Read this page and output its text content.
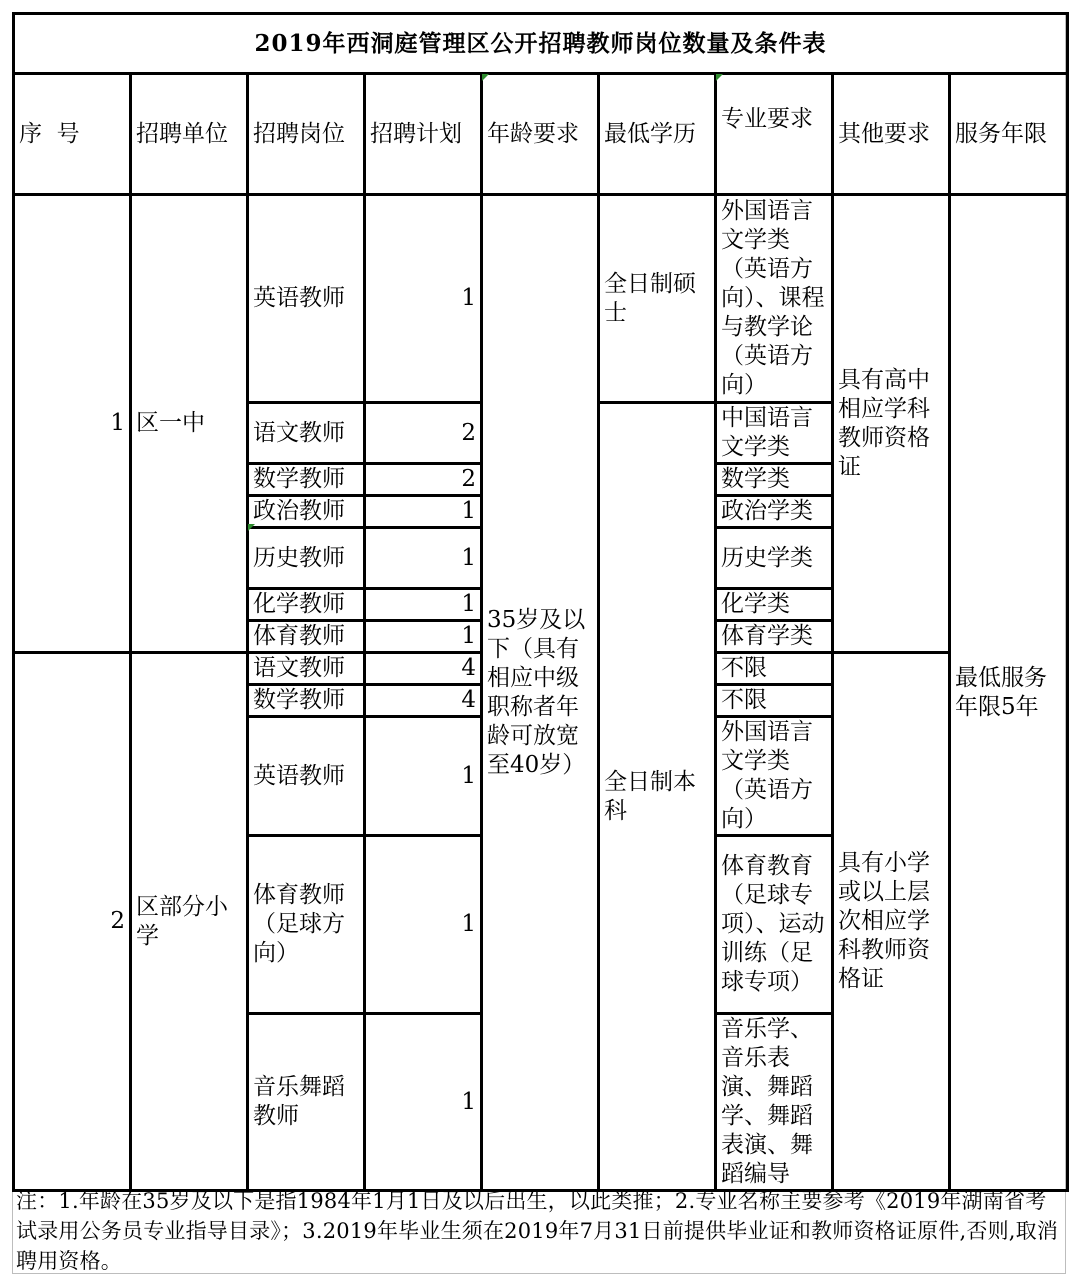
2019年西洞庭管理区公开招聘教师岗位数量及条件表								
序  号	招聘单位	招聘岗位	招聘计划	年龄要求	最低学历	专业要求	其他要求	服务年限
1	区一中	英语教师	1	35岁及以下（具有相应中级职称者年龄可放宽至40岁）	全日制硕士	外国语言文学类（英语方向）、课程与教学论（英语方向）	具有高中相应学科教师资格证	最低服务年限5年
		语文教师	2		全日制本科	中国语言文学类		
		数学教师	2			数学类		
		政治教师	1			政治学类		
		历史教师	1			历史学类		
		化学教师	1			化学类		
		体育教师	1			体育学类		
2	区部分小学	语文教师	4			不限	具有小学或以上层次相应学科教师资格证	
		数学教师	4			不限		
		英语教师	1			外国语言文学类（英语方向）		
		体育教师（足球方向）	1			体育教育（足球专项）、运动训练（足球专项）		
		音乐舞蹈教师	1			音乐学、音乐表演、舞蹈学、舞蹈表演、舞蹈编导		
注：1.年龄在35岁及以下是指1984年1月1日及以后出生，以此类推；2.专业名称主要参考《2019年湖南省考试录用公务员专业指导目录》；3.2019年毕业生须在2019年7月31日前提供毕业证和教师资格证原件,否则,取消聘用资格。
